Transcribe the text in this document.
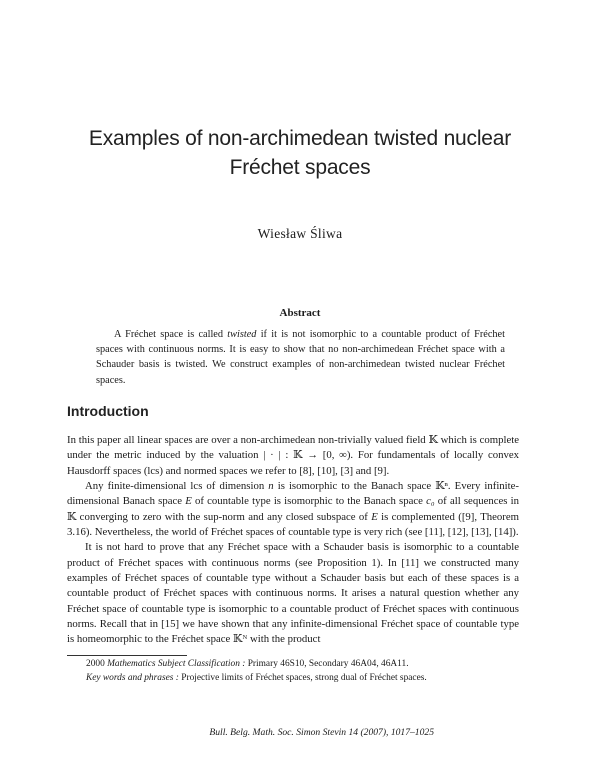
Examples of non-archimedean twisted nuclear
Fréchet spaces
Wiesław Śliwa
Abstract
A Fréchet space is called twisted if it is not isomorphic to a countable product of Fréchet spaces with continuous norms. It is easy to show that no non-archimedean Fréchet space with a Schauder basis is twisted. We construct examples of non-archimedean twisted nuclear Fréchet spaces.
Introduction

In this paper all linear spaces are over a non-archimedean non-trivially valued field 𝕂 which is complete under the metric induced by the valuation | · | : 𝕂 → [0, ∞). For fundamentals of locally convex Hausdorff spaces (lcs) and normed spaces we refer to [8], [10], [3] and [9].

Any finite-dimensional lcs of dimension n is isomorphic to the Banach space 𝕂ⁿ. Every infinite-dimensional Banach space E of countable type is isomorphic to the Banach space c₀ of all sequences in 𝕂 converging to zero with the sup-norm and any closed subspace of E is complemented ([9], Theorem 3.16). Nevertheless, the world of Fréchet spaces of countable type is very rich (see [11], [12], [13], [14]).

It is not hard to prove that any Fréchet space with a Schauder basis is isomorphic to a countable product of Fréchet spaces with continuous norms (see Proposition 1). In [11] we constructed many examples of Fréchet spaces of countable type without a Schauder basis but each of these spaces is a countable product of Fréchet spaces with continuous norms. It arises a natural question whether any Fréchet space of countable type is isomorphic to a countable product of Fréchet spaces with continuous norms. Recall that in [15] we have shown that any infinite-dimensional Fréchet space of countable type is homeomorphic to the Fréchet space 𝕂ᴺ with the product

2000 Mathematics Subject Classification : Primary 46S10, Secondary 46A04, 46A11.
Key words and phrases : Projective limits of Fréchet spaces, strong dual of Fréchet spaces.
Bull. Belg. Math. Soc. Simon Stevin 14 (2007), 1017–1025
